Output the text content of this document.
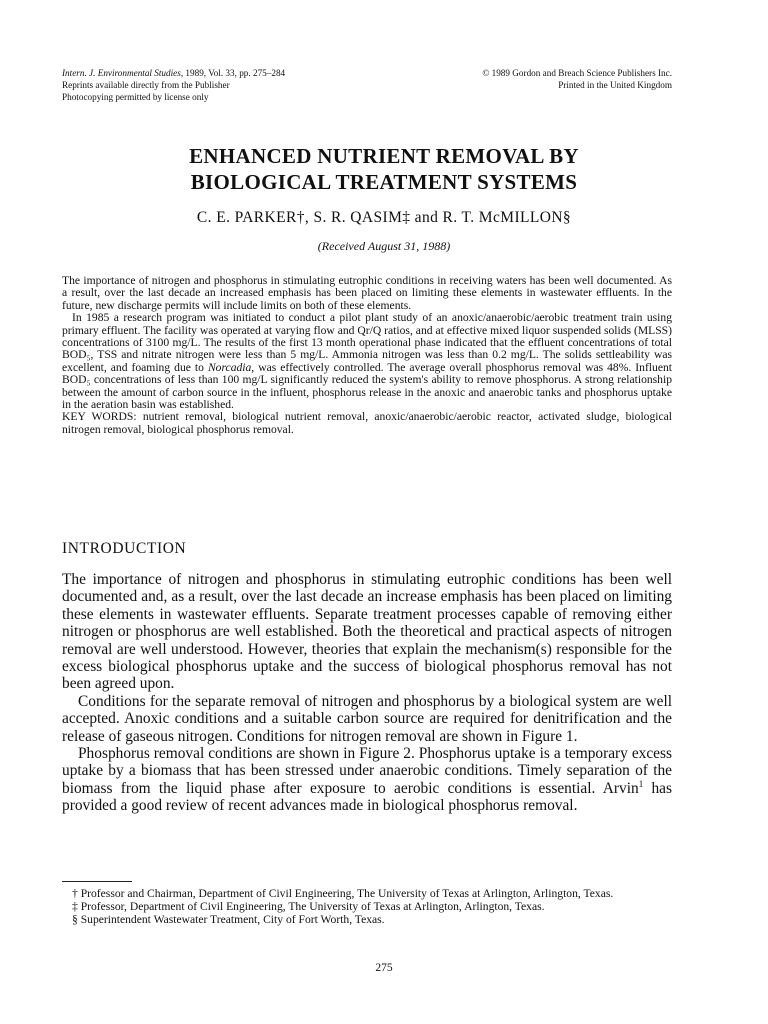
Intern. J. Environmental Studies, 1989, Vol. 33, pp. 275–284
Reprints available directly from the Publisher
Photocopying permitted by license only
© 1989 Gordon and Breach Science Publishers Inc.
Printed in the United Kingdom
ENHANCED NUTRIENT REMOVAL BY
BIOLOGICAL TREATMENT SYSTEMS
C. E. PARKER†, S. R. QASIM‡ and R. T. McMILLON§
(Received August 31, 1988)

The importance of nitrogen and phosphorus in stimulating eutrophic conditions in receiving waters has been well documented. As a result, over the last decade an increased emphasis has been placed on limiting these elements in wastewater effluents. In the future, new discharge permits will include limits on both of these elements.

In 1985 a research program was initiated to conduct a pilot plant study of an anoxic/anaerobic/aerobic treatment train using primary effluent. The facility was operated at varying flow and Qr/Q ratios, and at effective mixed liquor suspended solids (MLSS) concentrations of 3100 mg/L. The results of the first 13 month operational phase indicated that the effluent concentrations of total BOD₅, TSS and nitrate nitrogen were less than 5 mg/L. Ammonia nitrogen was less than 0.2 mg/L. The solids settleability was excellent, and foaming due to Norcadia, was effectively controlled. The average overall phosphorus removal was 48%. Influent BOD₅ concentrations of less than 100 mg/L significantly reduced the system's ability to remove phosphorus. A strong relationship between the amount of carbon source in the influent, phosphorus release in the anoxic and anaerobic tanks and phosphorus uptake in the aeration basin was established.

KEY WORDS: nutrient removal, biological nutrient removal, anoxic/anaerobic/aerobic reactor, activated sludge, biological nitrogen removal, biological phosphorus removal.

INTRODUCTION

The importance of nitrogen and phosphorus in stimulating eutrophic conditions has been well documented and, as a result, over the last decade an increase emphasis has been placed on limiting these elements in wastewater effluents. Separate treatment processes capable of removing either nitrogen or phosphorus are well established. Both the theoretical and practical aspects of nitrogen removal are well understood. However, theories that explain the mechanism(s) responsible for the excess biological phosphorus uptake and the success of biological phosphorus removal has not been agreed upon.

Conditions for the separate removal of nitrogen and phosphorus by a biological system are well accepted. Anoxic conditions and a suitable carbon source are required for denitrification and the release of gaseous nitrogen. Conditions for nitrogen removal are shown in Figure 1.

Phosphorus removal conditions are shown in Figure 2. Phosphorus uptake is a temporary excess uptake by a biomass that has been stressed under anaerobic conditions. Timely separation of the biomass from the liquid phase after exposure to aerobic conditions is essential. Arvin$^1$ has provided a good review of recent advances made in biological phosphorus removal.

† Professor and Chairman, Department of Civil Engineering, The University of Texas at Arlington, Arlington, Texas.

‡ Professor, Department of Civil Engineering, The University of Texas at Arlington, Arlington, Texas.

§ Superintendent Wastewater Treatment, City of Fort Worth, Texas.

275
